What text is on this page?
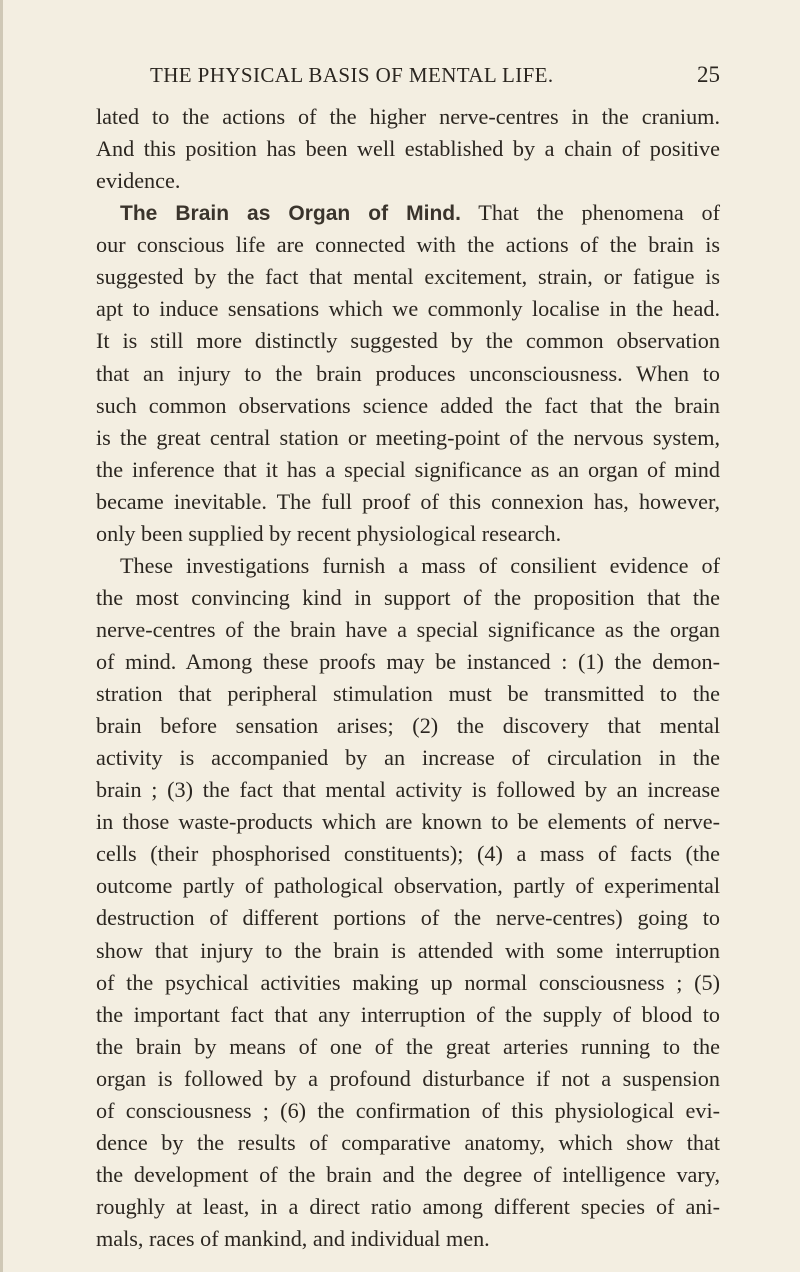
THE PHYSICAL BASIS OF MENTAL LIFE.	25
lated to the actions of the higher nerve-centres in the cranium.
And this position has been well established by a chain of positive
evidence.
The Brain as Organ of Mind. That the phenomena of
our conscious life are connected with the actions of the brain is
suggested by the fact that mental excitement, strain, or fatigue is
apt to induce sensations which we commonly localise in the head.
It is still more distinctly suggested by the common observation
that an injury to the brain produces unconsciousness. When to
such common observations science added the fact that the brain
is the great central station or meeting-point of the nervous system,
the inference that it has a special significance as an organ of mind
became inevitable. The full proof of this connexion has, however,
only been supplied by recent physiological research.
These investigations furnish a mass of consilient evidence of
the most convincing kind in support of the proposition that the
nerve-centres of the brain have a special significance as the organ
of mind. Among these proofs may be instanced : (1) the demon-
stration that peripheral stimulation must be transmitted to the
brain before sensation arises; (2) the discovery that mental
activity is accompanied by an increase of circulation in the
brain ; (3) the fact that mental activity is followed by an increase
in those waste-products which are known to be elements of nerve-
cells (their phosphorised constituents); (4) a mass of facts (the
outcome partly of pathological observation, partly of experimental
destruction of different portions of the nerve-centres) going to
show that injury to the brain is attended with some interruption
of the psychical activities making up normal consciousness ; (5)
the important fact that any interruption of the supply of blood to
the brain by means of one of the great arteries running to the
organ is followed by a profound disturbance if not a suspension
of consciousness ; (6) the confirmation of this physiological evi-
dence by the results of comparative anatomy, which show that
the development of the brain and the degree of intelligence vary,
roughly at least, in a direct ratio among different species of ani-
mals, races of mankind, and individual men.
